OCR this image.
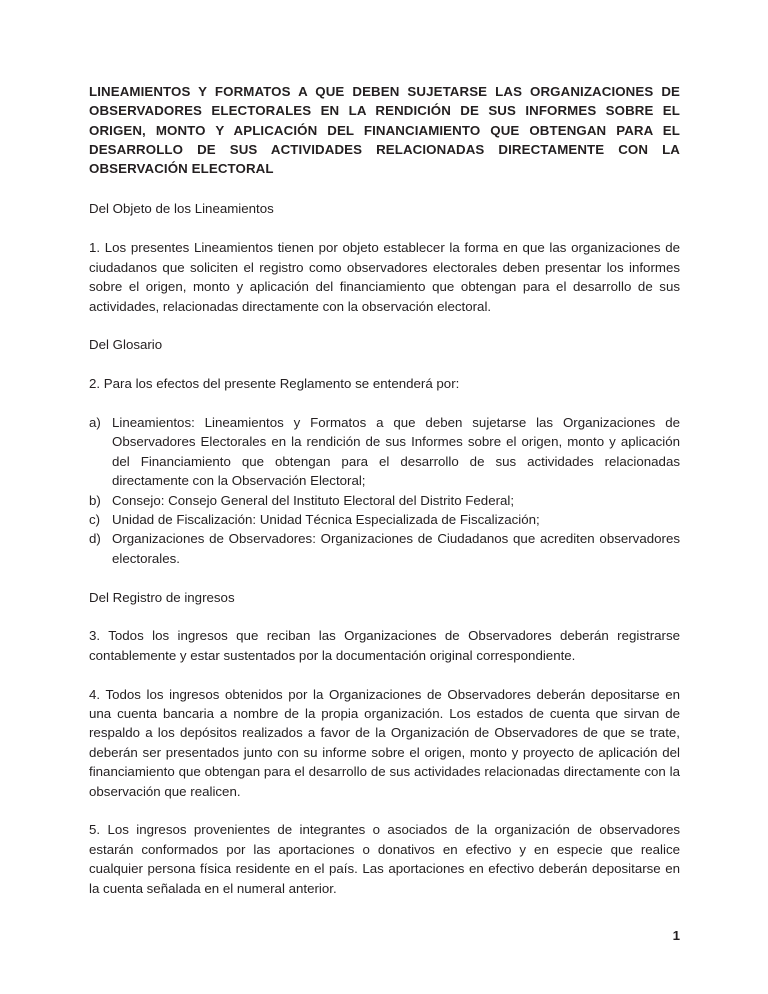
LINEAMIENTOS Y FORMATOS A QUE DEBEN SUJETARSE LAS ORGANIZACIONES DE OBSERVADORES ELECTORALES EN LA RENDICIÓN DE SUS INFORMES SOBRE EL ORIGEN, MONTO Y APLICACIÓN DEL FINANCIAMIENTO QUE OBTENGAN PARA EL DESARROLLO DE SUS ACTIVIDADES RELACIONADAS DIRECTAMENTE CON LA OBSERVACIÓN ELECTORAL

Del Objeto de los Lineamientos

1. Los presentes Lineamientos tienen por objeto establecer la forma en que las organizaciones de ciudadanos que soliciten el registro como observadores electorales deben presentar los informes sobre el origen, monto y aplicación del financiamiento que obtengan para el desarrollo de sus actividades, relacionadas directamente con la observación electoral.

Del Glosario

2. Para los efectos del presente Reglamento se entenderá por:

a) Lineamientos: Lineamientos y Formatos a que deben sujetarse las Organizaciones de Observadores Electorales en la rendición de sus Informes sobre el origen, monto y aplicación del Financiamiento que obtengan para el desarrollo de sus actividades relacionadas directamente con la Observación Electoral;
b) Consejo: Consejo General del Instituto Electoral del Distrito Federal;
c) Unidad de Fiscalización: Unidad Técnica Especializada de Fiscalización;
d) Organizaciones de Observadores: Organizaciones de Ciudadanos que acrediten observadores electorales.

Del Registro de ingresos

3. Todos los ingresos que reciban las Organizaciones de Observadores deberán registrarse contablemente y estar sustentados por la documentación original correspondiente.

4. Todos los ingresos obtenidos por la Organizaciones de Observadores deberán depositarse en una cuenta bancaria a nombre de la propia organización. Los estados de cuenta que sirvan de respaldo a los depósitos realizados a favor de la Organización de Observadores de que se trate, deberán ser presentados junto con su informe sobre el origen, monto y proyecto de aplicación del financiamiento que obtengan para el desarrollo de sus actividades relacionadas directamente con la observación que realicen.

5. Los ingresos provenientes de integrantes o asociados de la organización de observadores estarán conformados por las aportaciones o donativos en efectivo y en especie que realice cualquier persona física residente en el país. Las aportaciones en efectivo deberán depositarse en la cuenta señalada en el numeral anterior.

1
